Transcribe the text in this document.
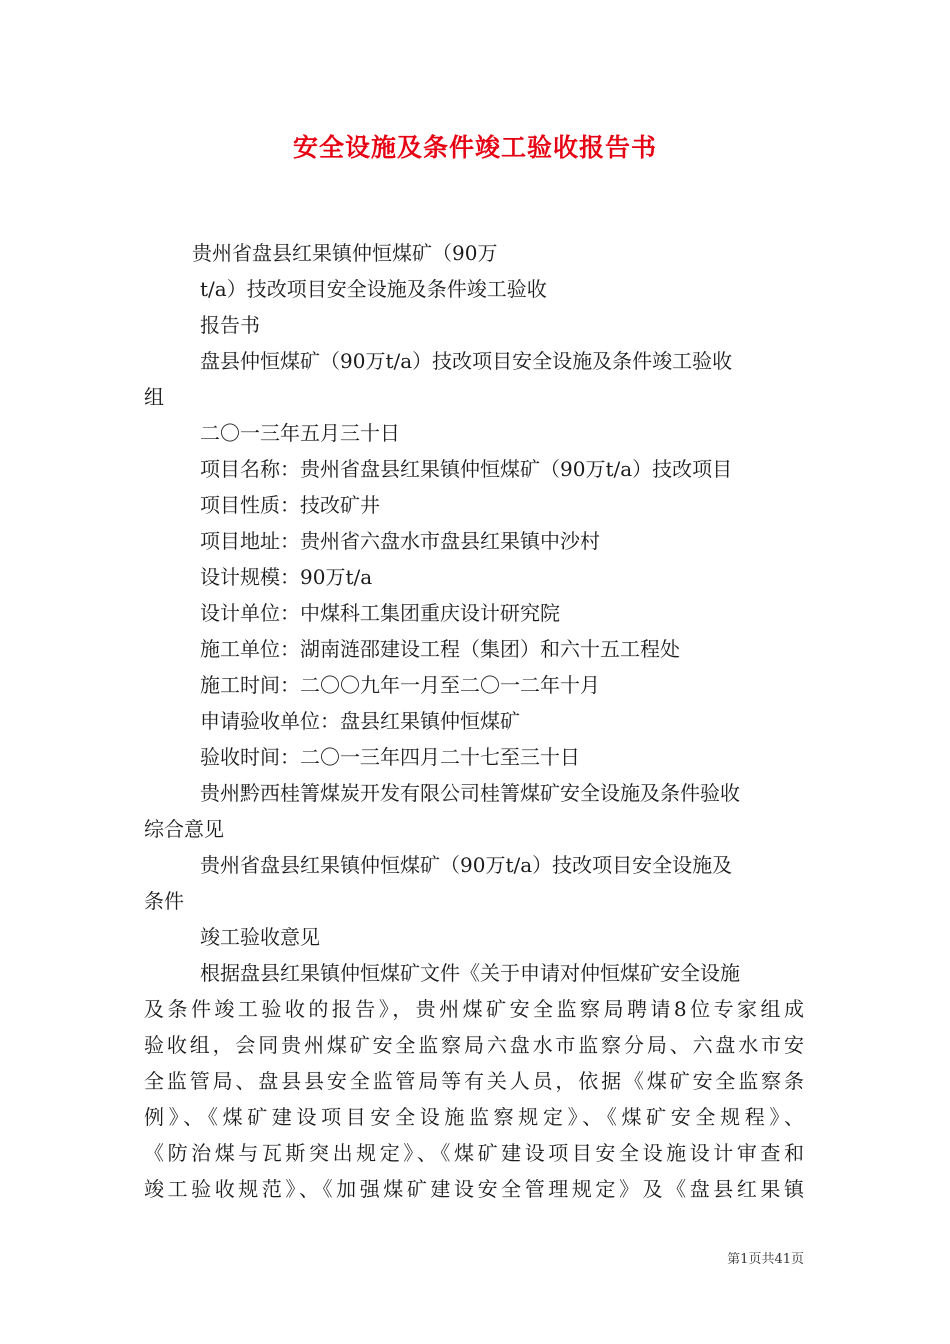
安全设施及条件竣工验收报告书

贵州省盘县红果镇仲恒煤矿（90万

t/a）技改项目安全设施及条件竣工验收

报告书

盘县仲恒煤矿（90万t/a）技改项目安全设施及条件竣工验收

组

二〇一三年五月三十日

项目名称：贵州省盘县红果镇仲恒煤矿（90万t/a）技改项目

项目性质：技改矿井

项目地址：贵州省六盘水市盘县红果镇中沙村

设计规模：90万t/a

设计单位：中煤科工集团重庆设计研究院

施工单位：湖南涟邵建设工程（集团）和六十五工程处

施工时间：二〇〇九年一月至二〇一二年十月

申请验收单位：盘县红果镇仲恒煤矿

验收时间：二〇一三年四月二十七至三十日

贵州黔西桂箐煤炭开发有限公司桂箐煤矿安全设施及条件验收

综合意见

贵州省盘县红果镇仲恒煤矿（90万t/a）技改项目安全设施及

条件

竣工验收意见

根据盘县红果镇仲恒煤矿文件《关于申请对仲恒煤矿安全设施

及条件竣工验收的报告》，贵州煤矿安全监察局聘请8位专家组成

验收组，会同贵州煤矿安全监察局六盘水市监察分局、六盘水市安

全监管局、盘县县安全监管局等有关人员，依据《煤矿安全监察条

例》、《煤矿建设项目安全设施监察规定》、《煤矿安全规程》、

《防治煤与瓦斯突出规定》、《煤矿建设项目安全设施设计审查和

竣工验收规范》、《加强煤矿建设安全管理规定》及《盘县红果镇

第1页共41页
